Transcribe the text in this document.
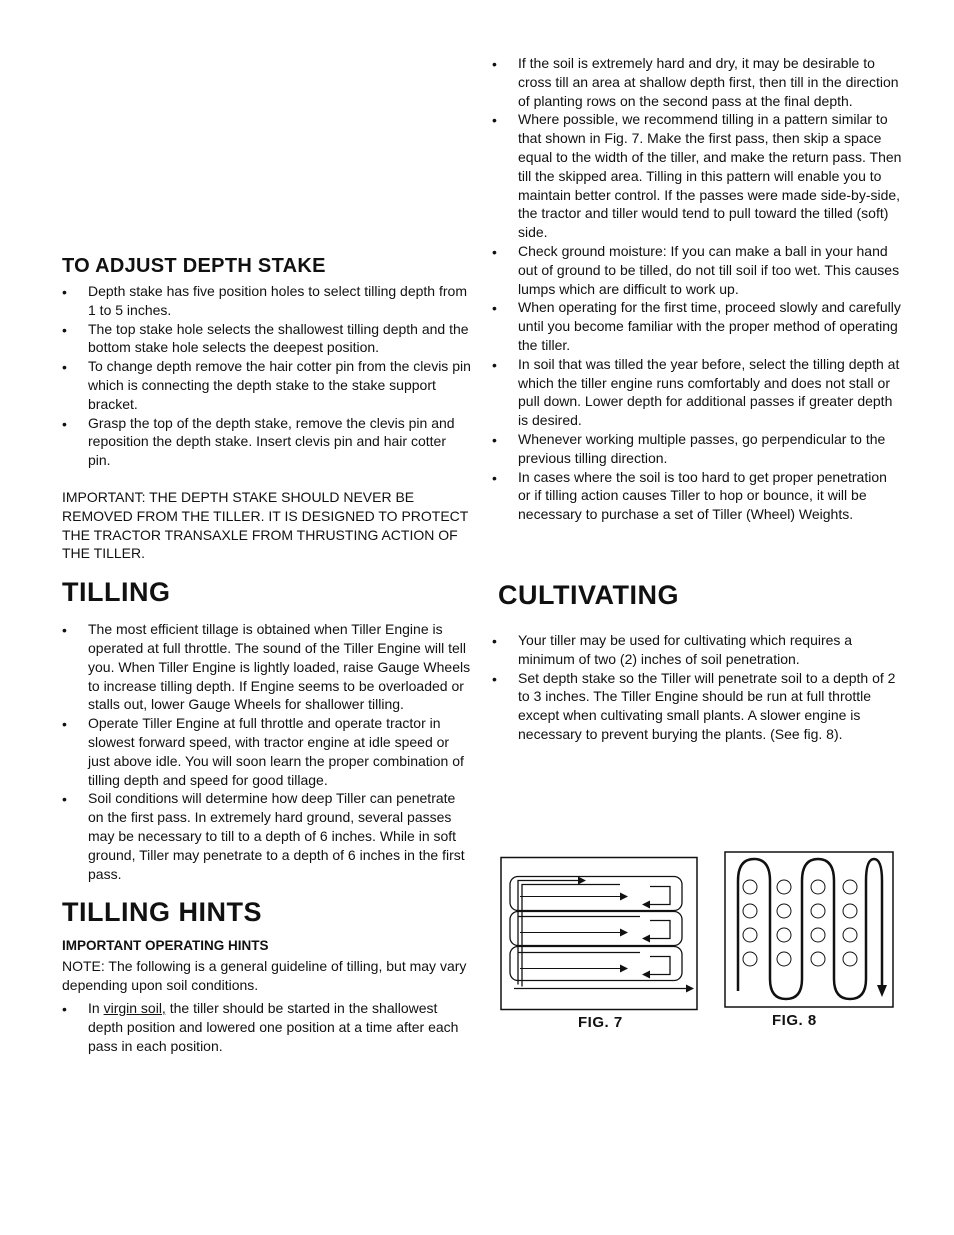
TO ADJUST DEPTH STAKE
• Depth stake has five position holes to select tilling depth from 1 to 5 inches.
• The top stake hole selects the shallowest tilling depth and the bottom stake hole selects the deepest position.
• To change depth remove the hair cotter pin from the clevis pin which is connecting the depth stake to the stake support bracket.
• Grasp the top of the depth stake, remove the clevis pin and reposition the depth stake. Insert clevis pin and hair cotter pin.

IMPORTANT: THE DEPTH STAKE SHOULD NEVER BE REMOVED FROM THE TILLER. IT IS DESIGNED TO PROTECT THE TRACTOR TRANSAXLE FROM THRUSTING ACTION OF THE TILLER.

TILLING
• The most efficient tillage is obtained when Tiller Engine is operated at full throttle. The sound of the Tiller Engine will tell you. When Tiller Engine is lightly loaded, raise Gauge Wheels to increase tilling depth. If Engine seems to be overloaded or stalls out, lower Gauge Wheels for shallower tilling.
• Operate Tiller Engine at full throttle and operate tractor in slowest forward speed, with tractor engine at idle speed or just above idle. You will soon learn the proper combination of tilling depth and speed for good tillage.
• Soil conditions will determine how deep Tiller can penetrate on the first pass. In extremely hard ground, several passes may be necessary to till to a depth of 6 inches. While in soft ground, Tiller may penetrate to a depth of 6 inches in the first pass.
TILLING HINTS

IMPORTANT OPERATING HINTS

NOTE: The following is a general guideline of tilling, but may vary depending upon soil conditions.

• In virgin soil, the tiller should be started in the shallowest depth position and lowered one position at a time after each pass in each position.
• If the soil is extremely hard and dry, it may be desirable to cross till an area at shallow depth first, then till in the direction of planting rows on the second pass at the final depth.
• Where possible, we recommend tilling in a pattern similar to that shown in Fig. 7. Make the first pass, then skip a space equal to the width of the tiller, and make the return pass. Then till the skipped area. Tilling in this pattern will enable you to maintain better control. If the passes were made side-by-side, the tractor and tiller would tend to pull toward the tilled (soft) side.
• Check ground moisture: If you can make a ball in your hand out of ground to be tilled, do not till soil if too wet. This causes lumps which are difficult to work up.
• When operating for the first time, proceed slowly and carefully until you become familiar with the proper method of operating the tiller.
• In soil that was tilled the year before, select the tilling depth at which the tiller engine runs comfortably and does not stall or pull down. Lower depth for additional passes if greater depth is desired.
• Whenever working multiple passes, go perpendicular to the previous tilling direction.
• In cases where the soil is too hard to get proper penetration or if tilling action causes Tiller to hop or bounce, it will be necessary to purchase a set of Tiller (Wheel) Weights.
CULTIVATING
• Your tiller may be used for cultivating which requires a minimum of two (2) inches of soil penetration.
• Set depth stake so the Tiller will penetrate soil to a depth of 2 to 3 inches. The Tiller Engine should be run at full throttle except when cultivating small plants. A slower engine is necessary to prevent burying the plants. (See fig. 8).
FIG. 7	FIG. 8
